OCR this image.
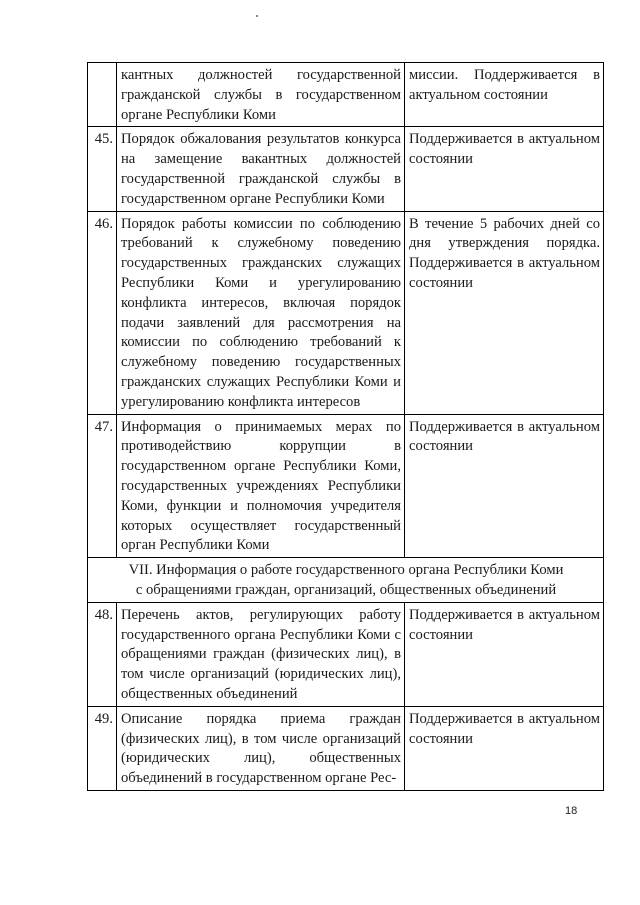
	кантных должностей государственной гражданской службы в государственном органе Республики Коми	миссии. Поддерживается в актуальном состоянии
45.	Порядок обжалования результатов конкурса на замещение вакантных должностей государственной гражданской службы в государственном органе Республики Коми	Поддерживается в актуальном состоянии
46.	Порядок работы комиссии по соблюдению требований к служебному поведению государственных гражданских служащих Республики Коми и урегулированию конфликта интересов, включая порядок подачи заявлений для рассмотрения на комиссии по соблюдению требований к служебному поведению государственных гражданских служащих Республики Коми и урегулированию конфликта интересов	В течение 5 рабочих дней со дня утверждения порядка. Поддерживается в актуальном состоянии
47.	Информация о принимаемых мерах по противодействию коррупции в государственном органе Республики Коми, государственных учреждениях Республики Коми, функции и полномочия учредителя которых осуществляет государственный орган Республики Коми	Поддерживается в актуальном состоянии

VII. Информация о работе государственного органа Республики Коми
с обращениями граждан, организаций, общественных объединений		

48.	Перечень актов, регулирующих работу государственного органа Республики Коми с обращениями граждан (физических лиц), в том числе организаций (юридических лиц), общественных объединений	Поддерживается в актуальном состоянии
49.	Описание порядка приема граждан (физических лиц), в том числе организаций (юридических лиц), общественных объединений в государственном органе Рес-	Поддерживается в актуальном состоянии
18
